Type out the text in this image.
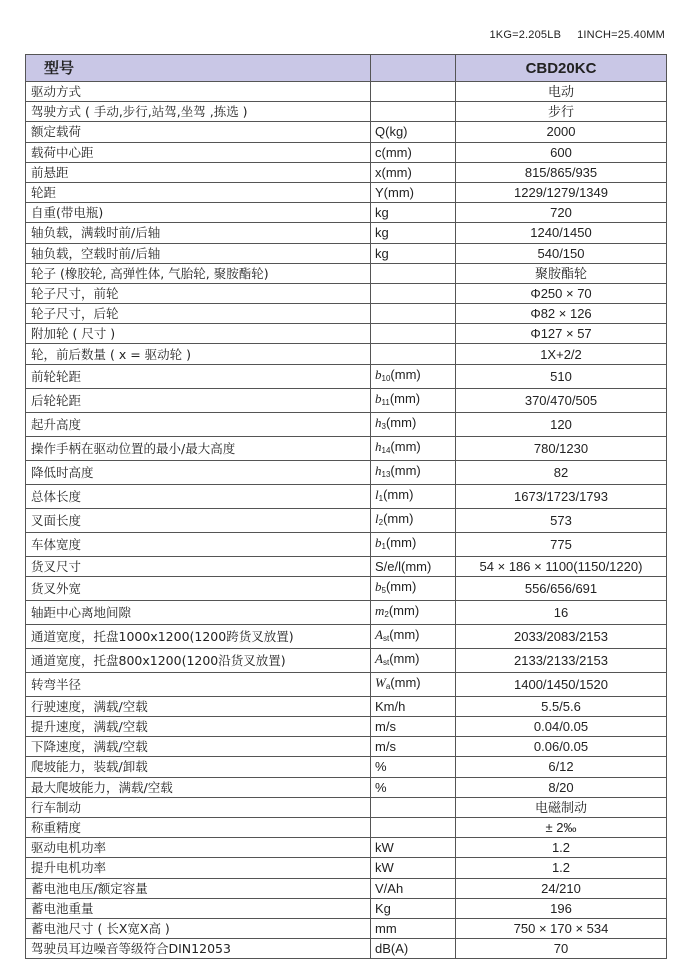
1KG=2.205LB 1INCH=25.40MM
型号		CBD20KC
驱动方式		电动
驾驶方式 ( 手动,步行,站驾,坐驾 ,拣选 )		步行
额定载荷	Q(kg)	2000
载荷中心距	c(mm)	600
前悬距	x(mm)	815/865/935
轮距	Y(mm)	1229/1279/1349
自重(带电瓶)	kg	720
轴负载，满载时前/后轴	kg	1240/1450
轴负载，空载时前/后轴	kg	540/150
轮子 (橡胶轮, 高弹性体, 气胎轮, 聚胺酯轮)		聚胺酯轮
轮子尺寸，前轮		Φ250 × 70
轮子尺寸，后轮		Φ82 × 126
附加轮 ( 尺寸 )		Φ127 × 57
轮，前后数量 ( x = 驱动轮 )		1X+2/2
前轮轮距	$b_{10}(mm)$	510
后轮轮距	$b_{11}(mm)$	370/470/505
起升高度	$h_3(mm)$	120
操作手柄在驱动位置的最小/最大高度	$h_{14}(mm)$	780/1230
降低时高度	$h_{13}(mm)$	82
总体长度	$l_1(mm)$	1673/1723/1793
叉面长度	$l_2(mm)$	573
车体宽度	$b_1(mm)$	775
货叉尺寸	S/e/l(mm)	54 × 186 × 1100(1150/1220)
货叉外宽	$b_5(mm)$	556/656/691
轴距中心离地间隙	$m_2(mm)$	16
通道宽度，托盘1000x1200(1200跨货叉放置)	$A_{st}(mm)$	2033/2083/2153
通道宽度，托盘800x1200(1200沿货叉放置)	$A_{st}(mm)$	2133/2133/2153
转弯半径	$W_a(mm)$	1400/1450/1520
行驶速度，满载/空载	Km/h	5.5/5.6
提升速度，满载/空载	m/s	0.04/0.05
下降速度，满载/空载	m/s	0.06/0.05
爬坡能力，装载/卸载	%	6/12
最大爬坡能力，满载/空载	%	8/20
行车制动		电磁制动
称重精度		± 2‰
驱动电机功率	kW	1.2
提升电机功率	kW	1.2
蓄电池电压/额定容量	V/Ah	24/210
蓄电池重量	Kg	196
蓄电池尺寸 ( 长X宽X高 )	mm	750 × 170 × 534
驾驶员耳边噪音等级符合DIN12053	dB(A)	70
